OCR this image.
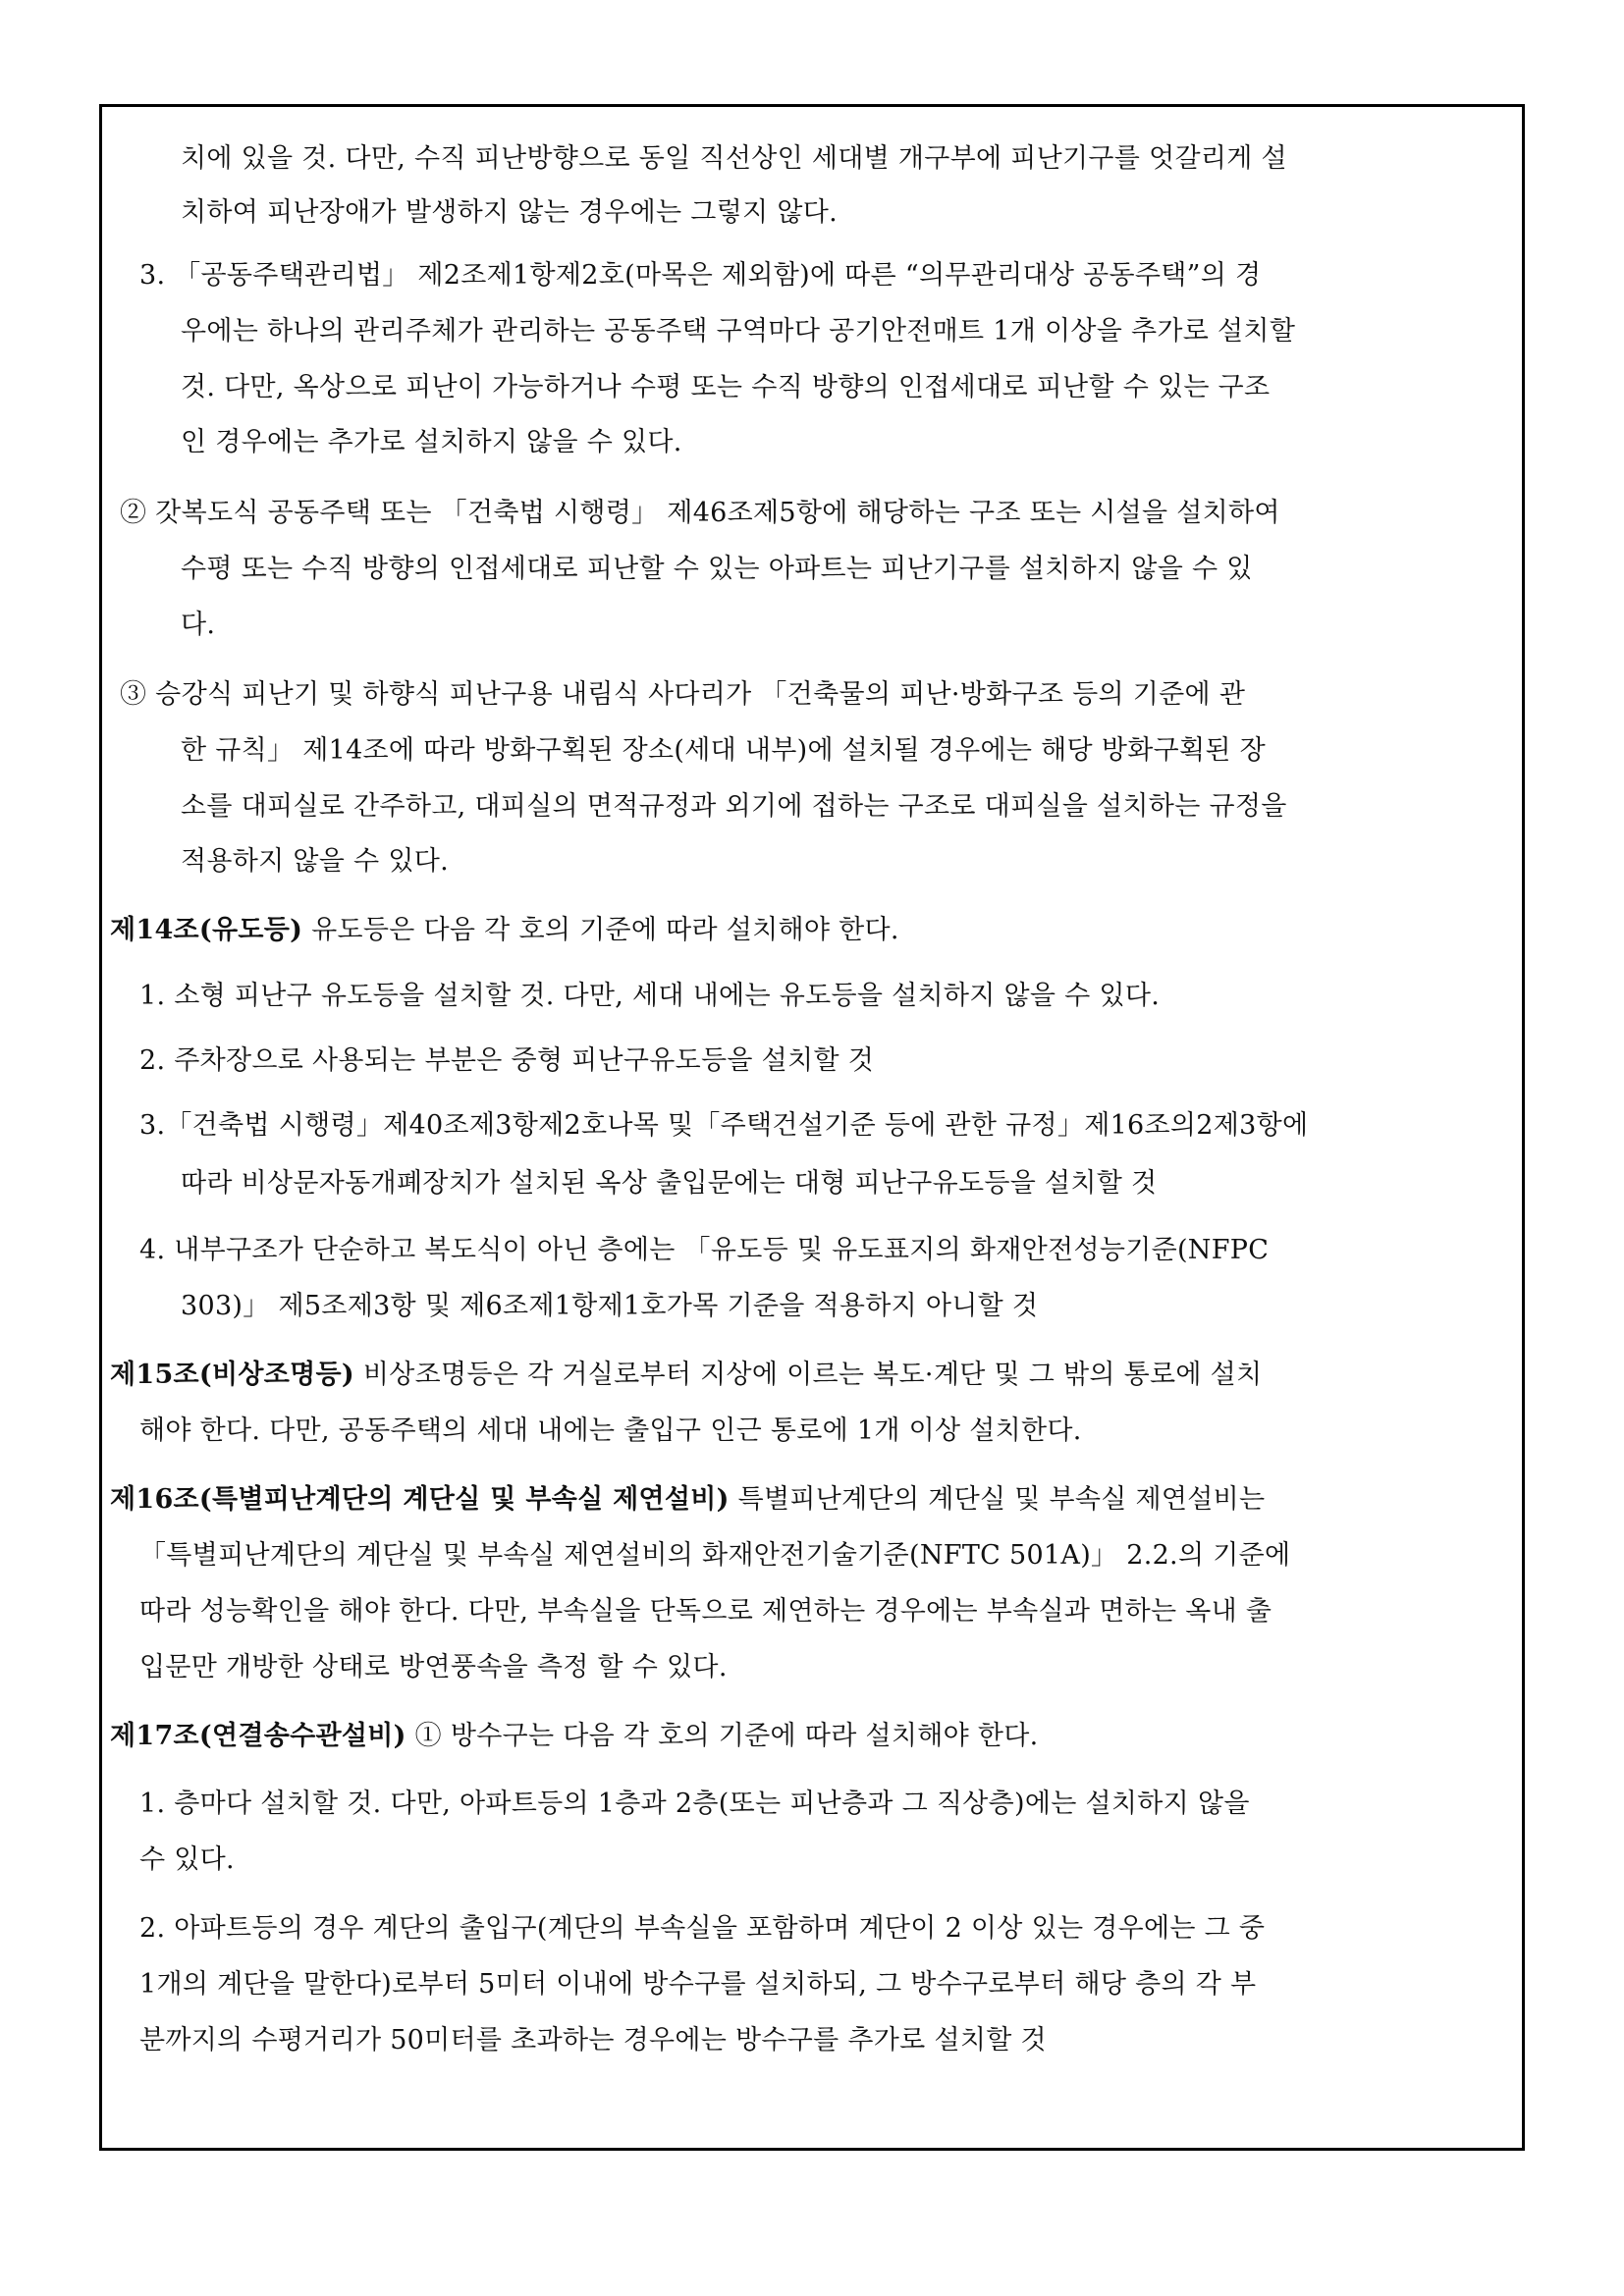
치에 있을 것. 다만, 수직 피난방향으로 동일 직선상인 세대별 개구부에 피난기구를 엇갈리게 설
치하여 피난장애가 발생하지 않는 경우에는 그렇지 않다.
3. 「공동주택관리법」 제2조제1항제2호(마목은 제외함)에 따른 “의무관리대상 공동주택”의 경
우에는 하나의 관리주체가 관리하는 공동주택 구역마다 공기안전매트 1개 이상을 추가로 설치할
것. 다만, 옥상으로 피난이 가능하거나 수평 또는 수직 방향의 인접세대로 피난할 수 있는 구조
인 경우에는 추가로 설치하지 않을 수 있다.
② 갓복도식 공동주택 또는 「건축법 시행령」 제46조제5항에 해당하는 구조 또는 시설을 설치하여
수평 또는 수직 방향의 인접세대로 피난할 수 있는 아파트는 피난기구를 설치하지 않을 수 있
다.
③ 승강식 피난기 및 하향식 피난구용 내림식 사다리가 「건축물의 피난·방화구조 등의 기준에 관
한 규칙」 제14조에 따라 방화구획된 장소(세대 내부)에 설치될 경우에는 해당 방화구획된 장
소를 대피실로 간주하고, 대피실의 면적규정과 외기에 접하는 구조로 대피실을 설치하는 규정을
적용하지 않을 수 있다.
제14조(유도등) 유도등은 다음 각 호의 기준에 따라 설치해야 한다.
1. 소형 피난구 유도등을 설치할 것. 다만, 세대 내에는 유도등을 설치하지 않을 수 있다.
2. 주차장으로 사용되는 부분은 중형 피난구유도등을 설치할 것
3.「건축법 시행령」제40조제3항제2호나목 및「주택건설기준 등에 관한 규정」제16조의2제3항에
따라 비상문자동개폐장치가 설치된 옥상 출입문에는 대형 피난구유도등을 설치할 것
4. 내부구조가 단순하고 복도식이 아닌 층에는 「유도등 및 유도표지의 화재안전성능기준(NFPC
303)」 제5조제3항 및 제6조제1항제1호가목 기준을 적용하지 아니할 것
제15조(비상조명등) 비상조명등은 각 거실로부터 지상에 이르는 복도·계단 및 그 밖의 통로에 설치
해야 한다. 다만, 공동주택의 세대 내에는 출입구 인근 통로에 1개 이상 설치한다.
제16조(특별피난계단의 계단실 및 부속실 제연설비) 특별피난계단의 계단실 및 부속실 제연설비는
「특별피난계단의 계단실 및 부속실 제연설비의 화재안전기술기준(NFTC 501A)」 2.2.의 기준에
따라 성능확인을 해야 한다. 다만, 부속실을 단독으로 제연하는 경우에는 부속실과 면하는 옥내 출
입문만 개방한 상태로 방연풍속을 측정 할 수 있다.
제17조(연결송수관설비) ① 방수구는 다음 각 호의 기준에 따라 설치해야 한다.
1. 층마다 설치할 것. 다만, 아파트등의 1층과 2층(또는 피난층과 그 직상층)에는 설치하지 않을
수 있다.
2. 아파트등의 경우 계단의 출입구(계단의 부속실을 포함하며 계단이 2 이상 있는 경우에는 그 중
1개의 계단을 말한다)로부터 5미터 이내에 방수구를 설치하되, 그 방수구로부터 해당 층의 각 부
분까지의 수평거리가 50미터를 초과하는 경우에는 방수구를 추가로 설치할 것
